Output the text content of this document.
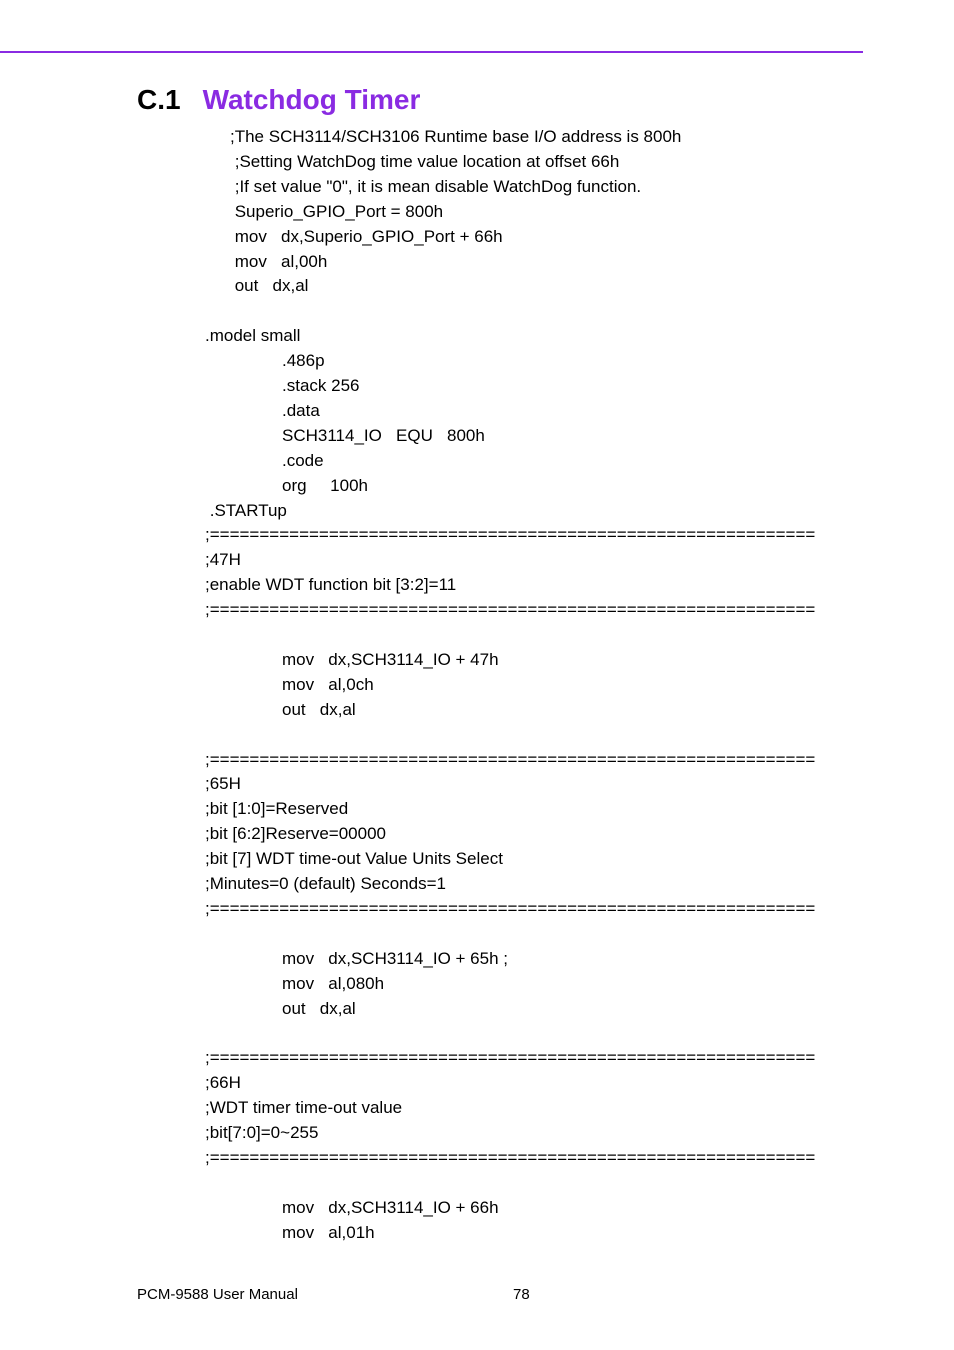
C.1 Watchdog Timer
;The SCH3114/SCH3106 Runtime base I/O address is 800h
;Setting WatchDog time value location at offset 66h
;If set value "0", it is mean disable WatchDog function.
Superio_GPIO_Port = 800h
mov   dx,Superio_GPIO_Port + 66h
mov   al,00h
out   dx,al
.model small
.486p
.stack 256
.data
SCH3114_IO   EQU   800h
.code
org     100h
.STARTup
;=============================================================
;47H
;enable WDT function bit [3:2]=11
;=============================================================
mov   dx,SCH3114_IO + 47h
mov   al,0ch
out   dx,al
;=============================================================
;65H
;bit [1:0]=Reserved
;bit [6:2]Reserve=00000
;bit [7] WDT time-out Value Units Select
;Minutes=0 (default) Seconds=1
;=============================================================
mov   dx,SCH3114_IO + 65h ;
mov   al,080h
out   dx,al
;=============================================================
;66H
;WDT timer time-out value
;bit[7:0]=0~255
;=============================================================
mov   dx,SCH3114_IO + 66h
mov   al,01h
PCM-9588 User Manual	78
